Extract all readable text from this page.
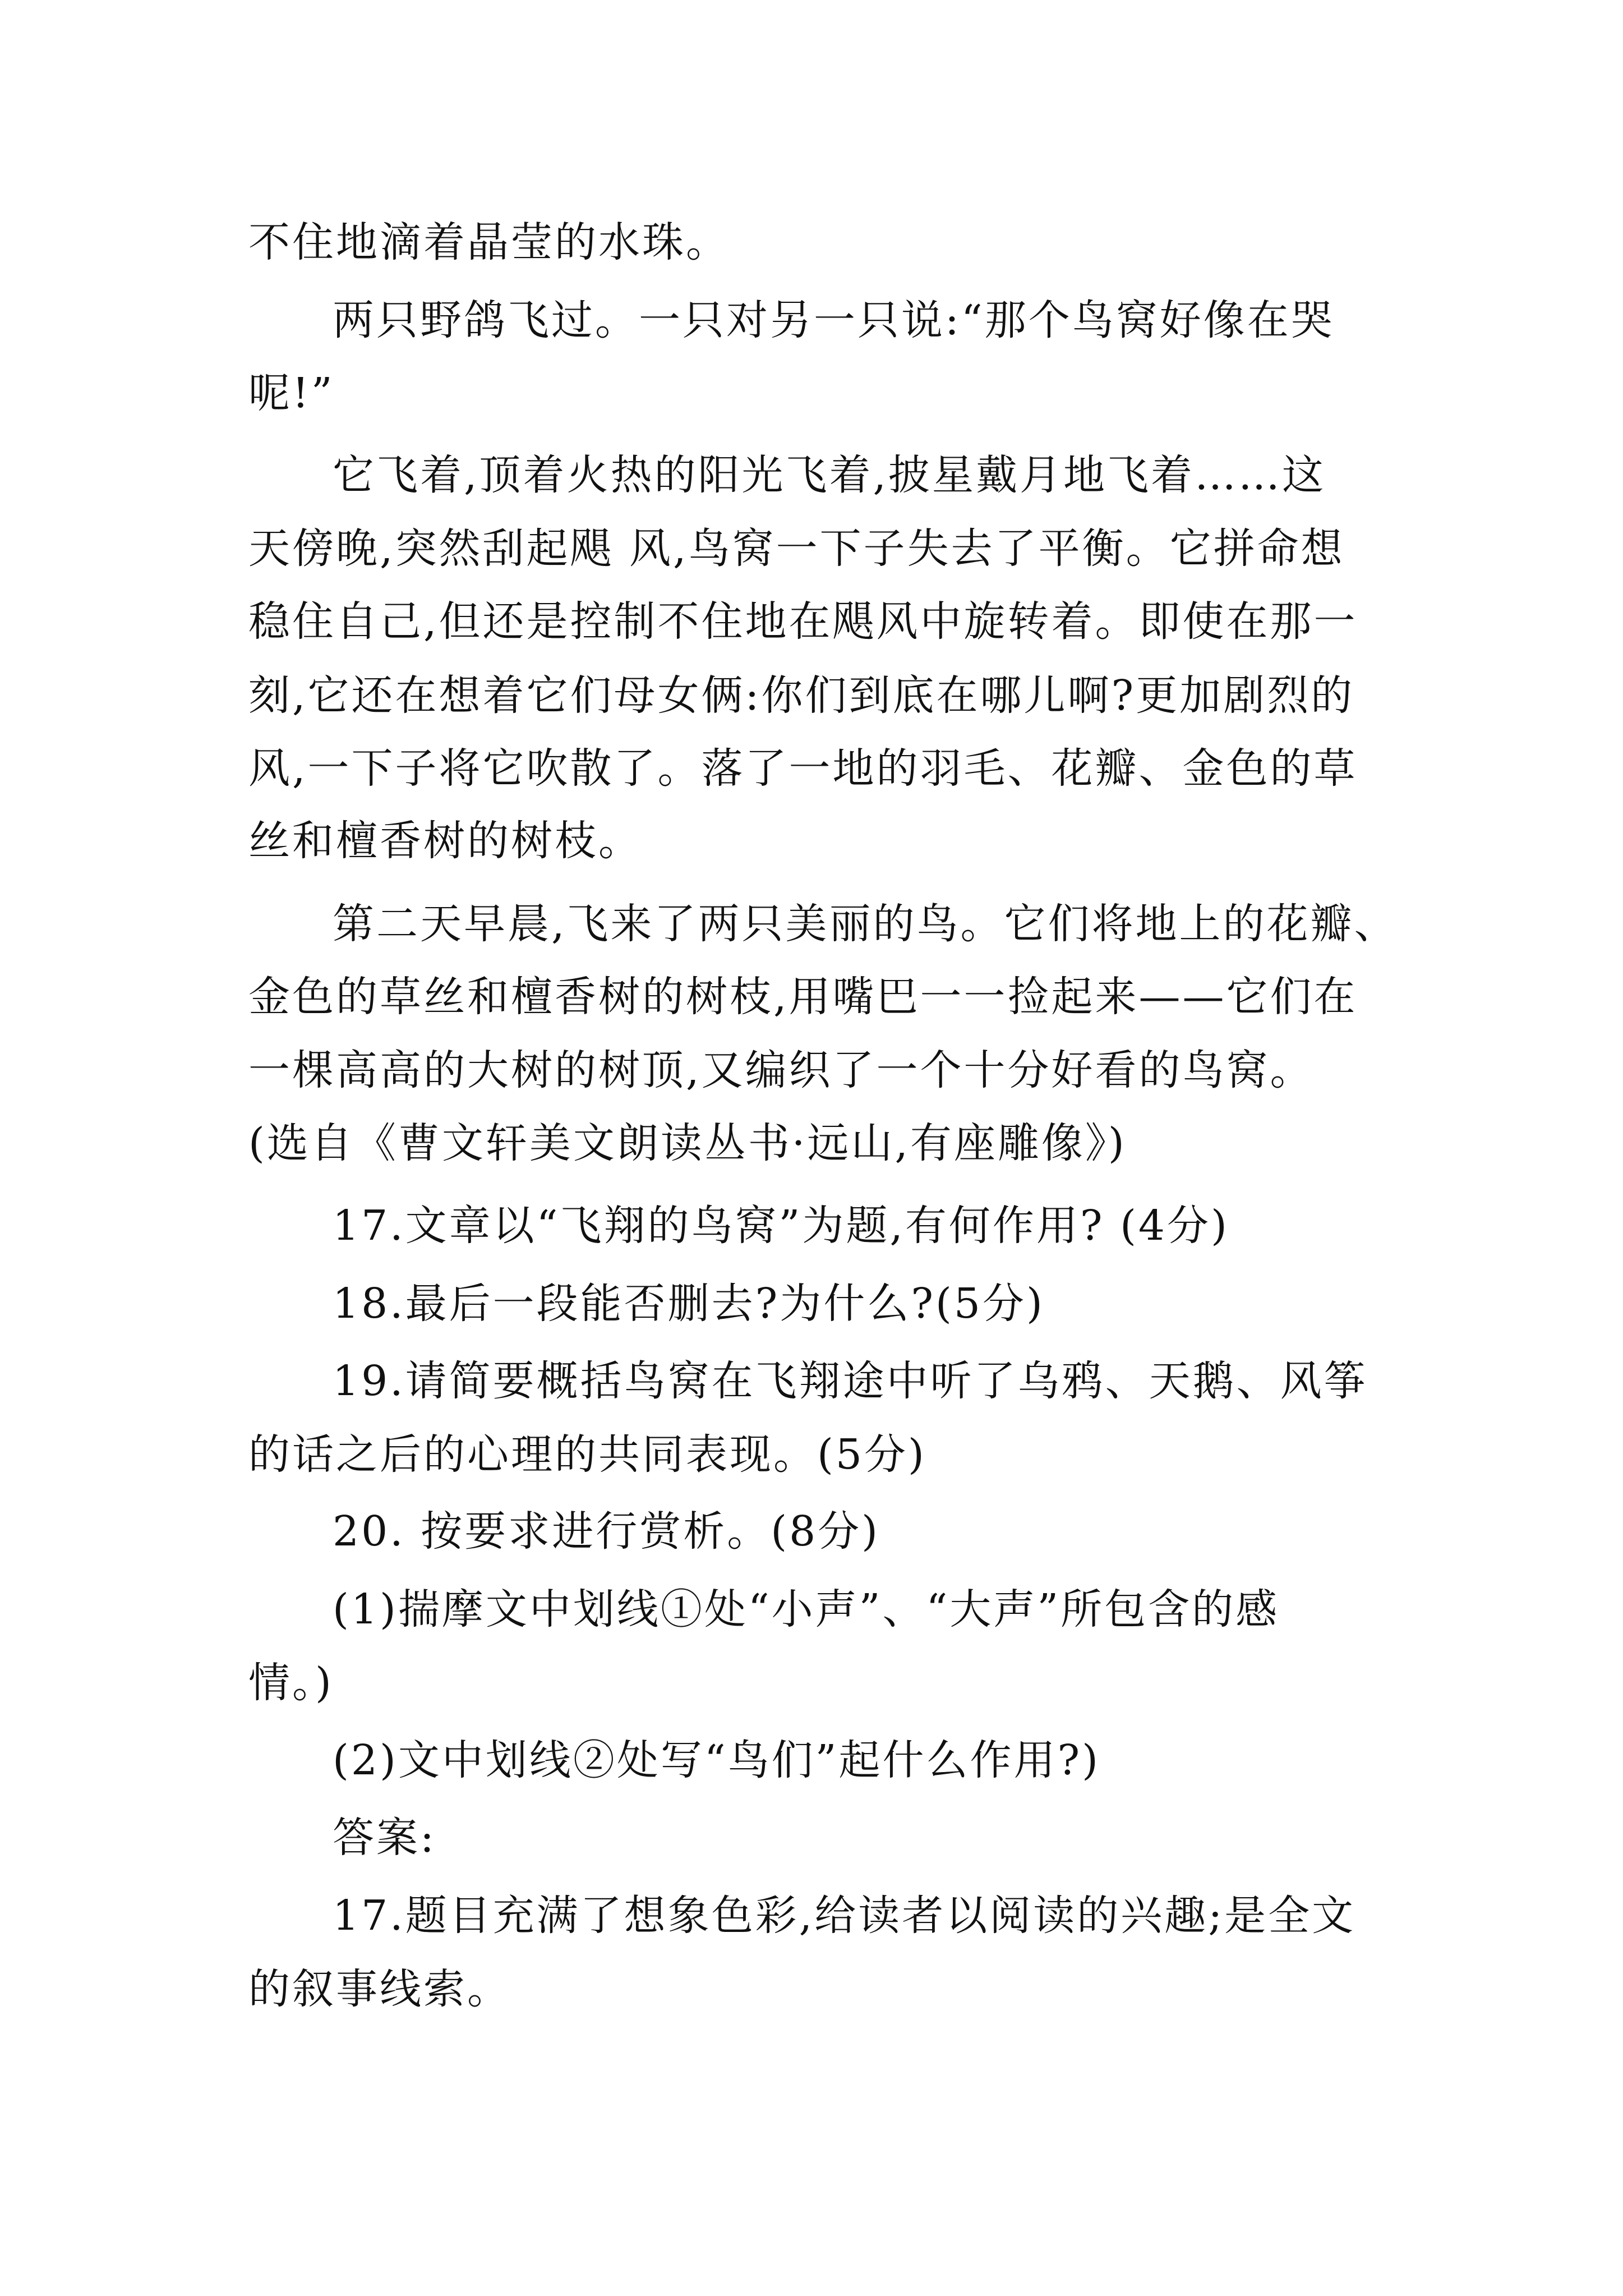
不住地滴着晶莹的水珠。
两只野鸽飞过。一只对另一只说:“那个鸟窝好像在哭
呢!”
它飞着,顶着火热的阳光飞着,披星戴月地飞着……这
天傍晚,突然刮起飓 风,鸟窝一下子失去了平衡。它拼命想
稳住自己,但还是控制不住地在飓风中旋转着。即使在那一
刻,它还在想着它们母女俩:你们到底在哪儿啊?更加剧烈的
风,一下子将它吹散了。落了一地的羽毛、花瓣、金色的草
丝和檀香树的树枝。
第二天早晨,飞来了两只美丽的鸟。它们将地上的花瓣、
金色的草丝和檀香树的树枝,用嘴巴一一捡起来——它们在
一棵高高的大树的树顶,又编织了一个十分好看的鸟窝。
(选自《曹文轩美文朗读丛书·远山,有座雕像》)
17.文章以“飞翔的鸟窝”为题,有何作用? (4分)
18.最后一段能否删去?为什么?(5分)
19.请简要概括鸟窝在飞翔途中听了乌鸦、天鹅、风筝
的话之后的心理的共同表现。(5分)
20. 按要求进行赏析。(8分)
(1)揣摩文中划线①处“小声”、“大声”所包含的感
情。)
(2)文中划线②处写“鸟们”起什么作用?)
答案:
17.题目充满了想象色彩,给读者以阅读的兴趣;是全文
的叙事线索。
